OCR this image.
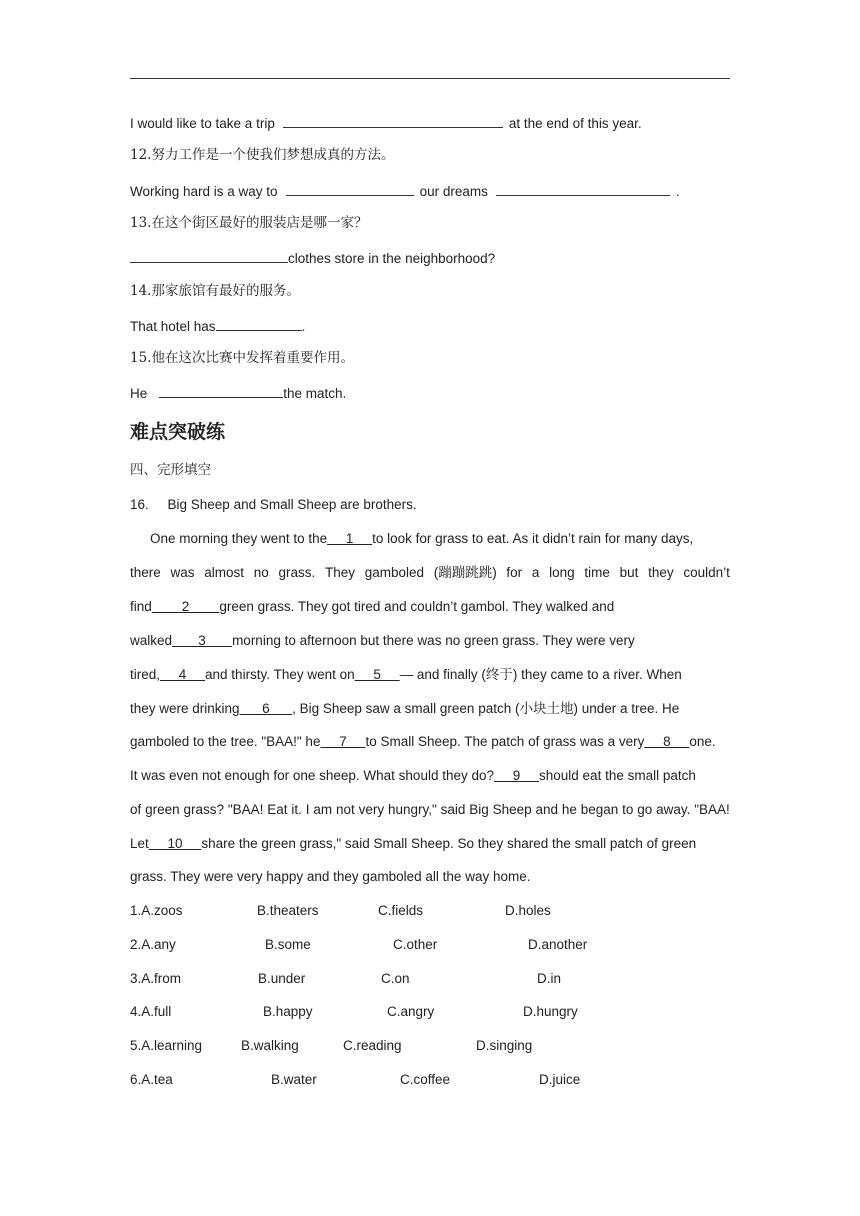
I would like to take a trip	at the end of this year.
12.努力工作是一个使我们梦想成真的方法。
Working hard is a way to	our dreams	.
13.在这个街区最好的服装店是哪一家？
clothes store in the neighborhood?
14.那家旅馆有最好的服务。
That hotel has	.
15.他在这次比赛中发挥着重要作用。
He	the match.
难点突破练
四、完形填空
16.     Big Sheep and Small Sheep are brothers.
One morning they went to the 1 to look for grass to eat. As it didn’t rain for many days,
there was almost no grass. They gamboled (蹦蹦跳跳) for a long time but they couldn’t
find 2 green grass. They got tired and couldn’t gambol. They walked and
walked 3 morning to afternoon but there was no green grass. They were very
tired, 4 and thirsty. They went on 5 — and finally (终于) they came to a river. When
they were drinking 6 , Big Sheep saw a small green patch (小块土地) under a tree. He
gamboled to the tree. "BAA!" he 7 to Small Sheep. The patch of grass was a very 8 one.
It was even not enough for one sheep. What should they do? 9 should eat the small patch
of green grass? "BAA! Eat it. I am not very hungry," said Big Sheep and he began to go away. "BAA!
Let 10 share the green grass," said Small Sheep. So they shared the small patch of green
grass. They were very happy and they gamboled all the way home.
1.A.zoos	B.theaters	C.fields	D.holes
2.A.any	B.some	C.other	D.another
3.A.from	B.under	C.on	D.in
4.A.full	B.happy	C.angry	D.hungry
5.A.learning	B.walking	C.reading	D.singing
6.A.tea	B.water	C.coffee	D.juice
